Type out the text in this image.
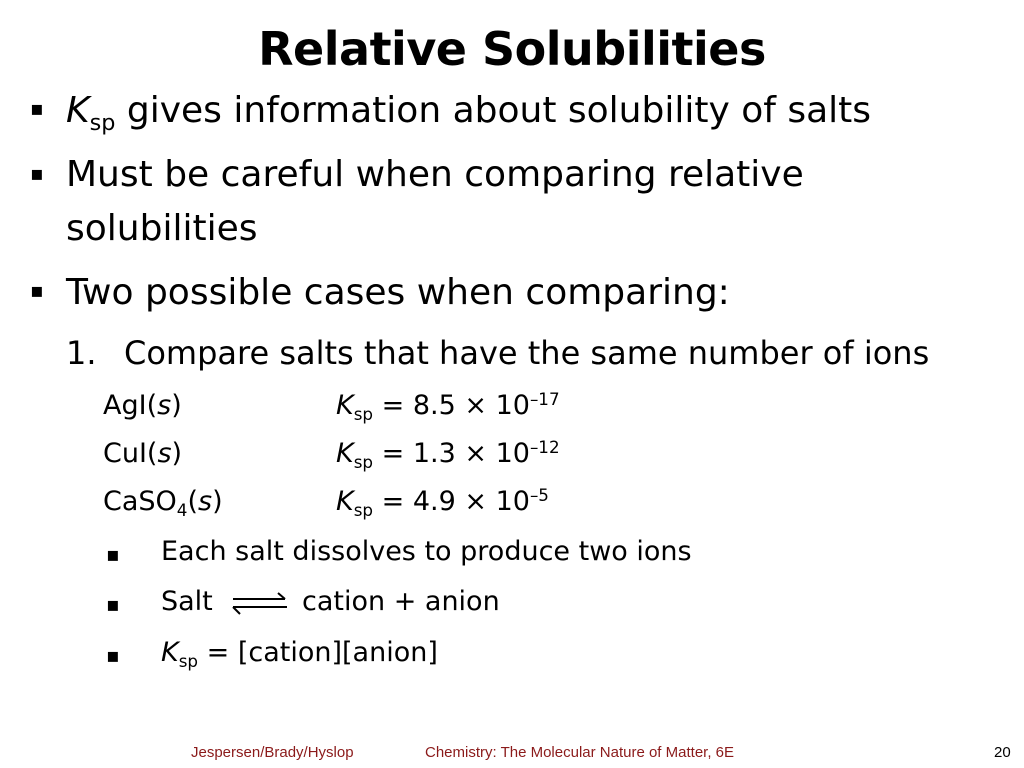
Relative Solubilities
▪ $K_{sp}$ gives information about solubility of salts
▪ Must be careful when comparing relative
solubilities
▪ Two possible cases when comparing:
1. Compare salts that have the same number of ions
AgI(s)	$K_{sp} = 8.5 \times 10^{-17}$
CuI(s)	$K_{sp} = 1.3 \times 10^{-12}$
CaSO$_4$(s)	$K_{sp} = 4.9 \times 10^{-5}$
▪ Each salt dissolves to produce two ions
▪ Salt ⇌ cation + anion
▪ $K_{sp}$ = [cation][anion]
Jespersen/Brady/Hyslop	Chemistry: The Molecular Nature of Matter, 6E	20
